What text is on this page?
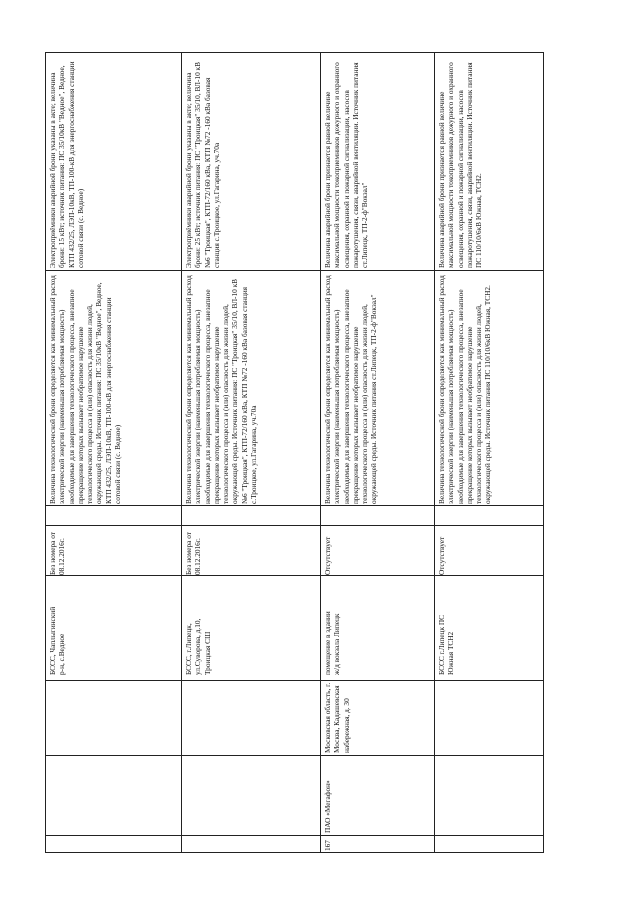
БССС, Чаплыгинский р-н, с.Ведное
Без номера от 08.12.2016г.
Величина технологической брони определяется как минимальный расход электрической энергии (наименьшая потребляемая мощность) необходимые для завершения технологического процесса, внезапное прекращение которых вызывает необратимое нарушение технологического процесса и (или) опасность для жизни людей, окружающей среды. Источник питания: ПС 35/10кВ "Ведное", Ведное, КТП 432/25, ЛЭП-10кВ, ТП-100-кВ для энергоснабжения станции сотовой связи (с. Ведное)
Электроприёмники аварийной брони указаны в акте; величина брони: 15 кВт; источник питания: ПС 35/10кВ "Ведное", Ведное, КТП 432/25, ЛЭП-10кВ, ТП-100-кВ для энергоснабжения станции сотовой связи (с. Ведное)
БССС, г.Липецк, ул.Суворова, д.10, Троицкая СШ
Без номера от 08.12.2016г.
Величина технологической брони определяется как минимальный расход электрической энергии (наименьшая потребляемая мощность) необходимые для завершения технологического процесса, внезапное прекращение которых вызывает необратимое нарушение технологического процесса и (или) опасность для жизни людей, окружающей среды. Источник питания: ПС "Троицкая" 35/10, ВЛ-10 кВ №6 "Троицкая", КТП-72/160 кВа, КТП №72 -160 кВа базовая станция с.Троицкое, ул.Гагарина, уч.70а
Электроприёмники аварийной брони указаны в акте; величина брони: 25 кВт; источник питания: ПС "Троицкая" 35/10, ВЛ-10 кВ №6 "Троицкая", КТП-72/160 кВа, КТП №72 -160 кВа базовая станция с.Троицкое, ул.Гагарина, уч.70а
167
ПАО «Мегафон»
Московская область, г. Москва, Кадашевская набережная, д. 30
помещение в здании ж/д вокзала Липецк
Отсутствует
Величина технологической брони определяется как минимальный расход электрической энергии (наименьшая потребляемая мощность) необходимые для завершения технологического процесса, внезапное прекращение которых вызывает необратимое нарушение технологического процесса и (или) опасность для жизни людей, окружающей среды. Источник питания ст.Липецк, ТП-2-ф"Вокзал"
Величина аварийной брони признается равной величине максимальной мощности токоприемников дежурного и охранного освещения, охранной и пожарной сигнализации, насосов пожаротушения, связи, аварийной вентиляции. Источник питания ст.Липецк, ТП-2-ф"Вокзал"
БССС г.Липецк ПС Южная ТСН2
Отсутствует
Величина технологической брони определяется как минимальный расход электрической энергии (наименьшая потребляемая мощность) необходимые для завершения технологического процесса, внезапное прекращение которых вызывает необратимое нарушение технологического процесса и (или) опасность для жизни людей, окружающей среды. Источник питания ПС 110/10/6кВ Южная, ТСН2.
Величина аварийной брони признается равной величине максимальной мощности токоприемников дежурного и охранного освещения, охранной и пожарной сигнализации, насосов пожаротушения, связи, аварийной вентиляции. Источник питания ПС 110/10/6кВ Южная, ТСН2.
